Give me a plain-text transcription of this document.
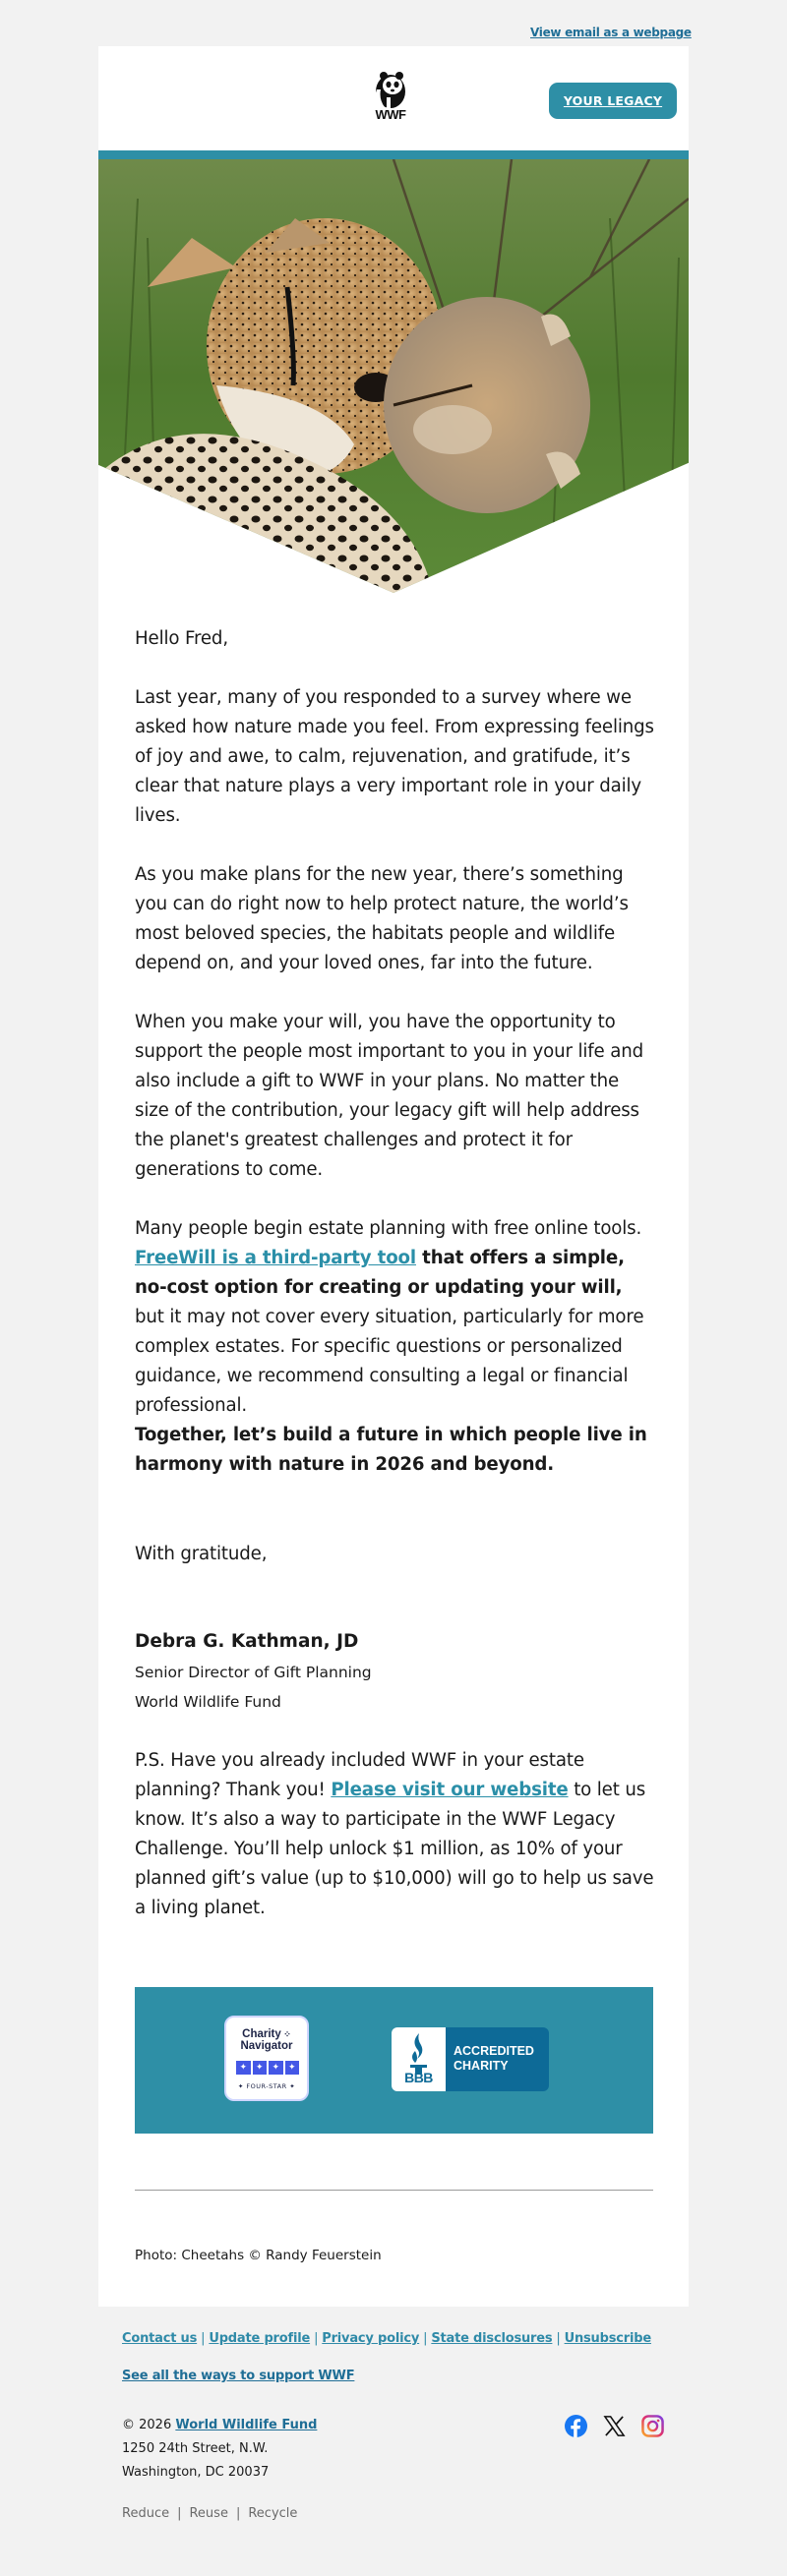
View email as a webpage
WWF
YOUR LEGACY
Hello Fred,

Last year, many of you responded to a survey where we asked how nature made you feel. From expressing feelings of joy and awe, to calm, rejuvenation, and gratifude, it’s clear that nature plays a very important role in your daily lives.

As you make plans for the new year, there’s something you can do right now to help protect nature, the world’s most beloved species, the habitats people and wildlife depend on, and your loved ones, far into the future.

When you make your will, you have the opportunity to support the people most important to you in your life and also include a gift to WWF in your plans. No matter the size of the contribution, your legacy gift will help address the planet's greatest challenges and protect it for generations to come.

Many people begin estate planning with free online tools. FreeWill is a third-party tool that offers a simple, no-cost option for creating or updating your will, but it may not cover every situation, particularly for more complex estates. For specific questions or personalized guidance, we recommend consulting a legal or financial professional.

Together, let’s build a future in which people live in harmony with nature in 2026 and beyond.

With gratitude,
Debra G. Kathman, JD
Senior Director of Gift Planning
World Wildlife Fund

P.S. Have you already included WWF in your estate planning? Thank you! Please visit our website to let us know. It’s also a way to participate in the WWF Legacy Challenge. You’ll help unlock $1 million, as 10% of your planned gift’s value (up to $10,000) will go to help us save a living planet.

Charity ⁘
Navigator
✦ ✦ ✦ ✦
✦ FOUR-STAR ✦
BBB
ACCREDITED
CHARITY
Photo: Cheetahs © Randy Feuerstein
Contact us | Update profile | Privacy policy | State disclosures | Unsubscribe
See all the ways to support WWF
© 2026 World Wildlife Fund
1250 24th Street, N.W.
Washington, DC 20037
Reduce | Reuse | Recycle
